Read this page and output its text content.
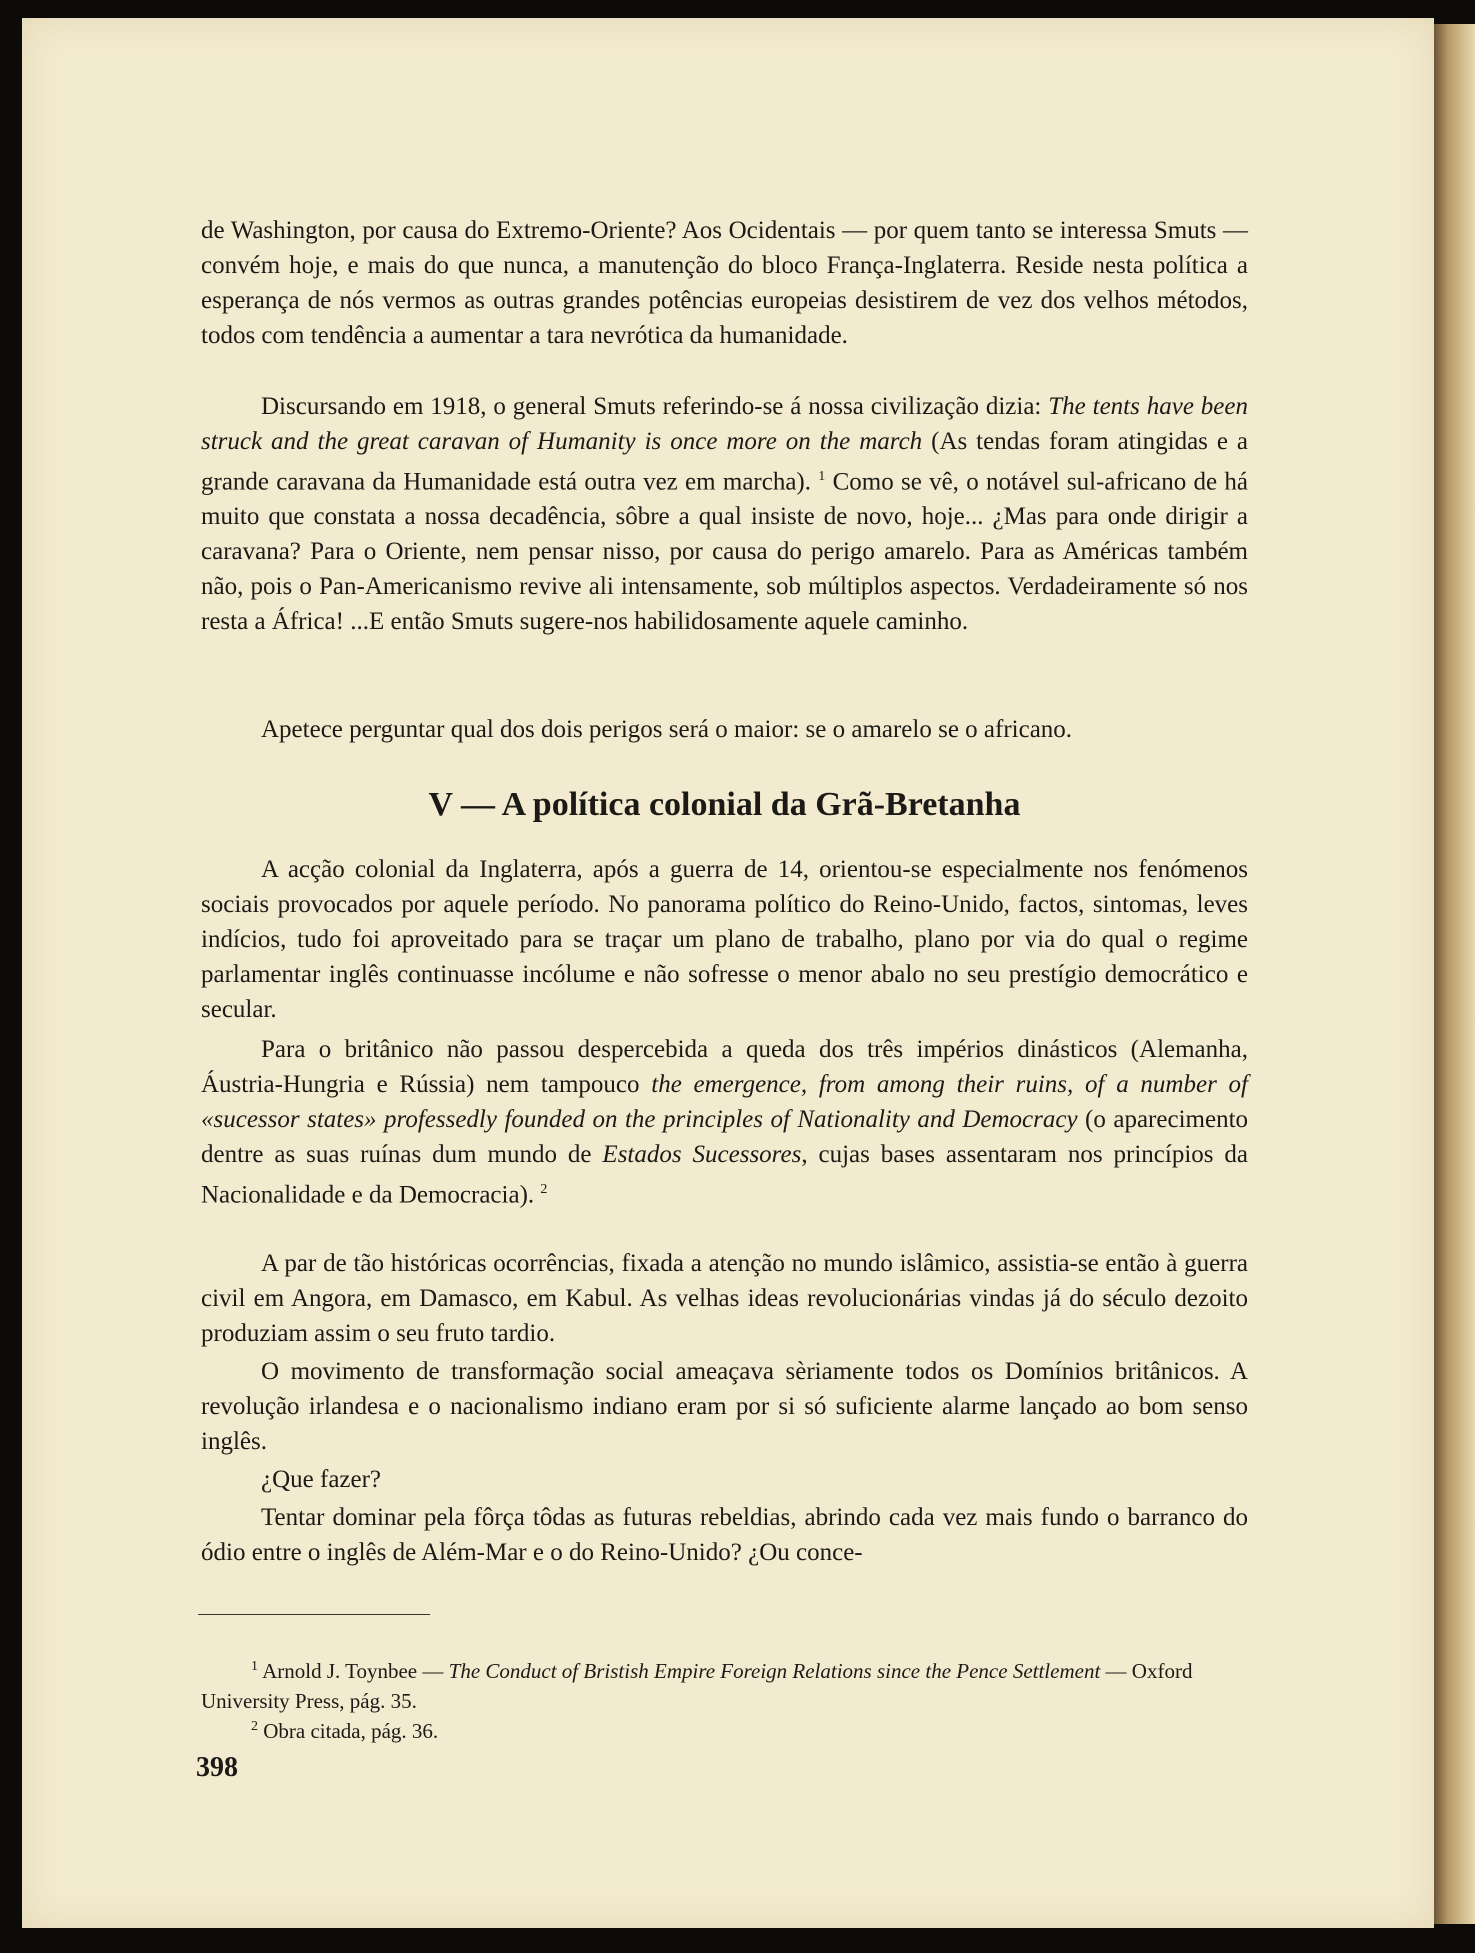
de Washington, por causa do Extremo-Oriente? Aos Ocidentais — por quem tanto se interessa Smuts — convém hoje, e mais do que nunca, a manutenção do bloco França-Inglaterra. Reside nesta política a esperança de nós vermos as outras grandes potências europeias desistirem de vez dos velhos métodos, todos com tendência a aumentar a tara nevrótica da humanidade.

Discursando em 1918, o general Smuts referindo-se á nossa civilização dizia: The tents have been struck and the great caravan of Humanity is once more on the march (As tendas foram atingidas e a grande caravana da Humanidade está outra vez em marcha). $^1$ Como se vê, o notável sul-africano de há muito que constata a nossa decadência, sôbre a qual insiste de novo, hoje... ¿Mas para onde dirigir a caravana? Para o Oriente, nem pensar nisso, por causa do perigo amarelo. Para as Américas também não, pois o Pan-Americanismo revive ali intensamente, sob múltiplos aspectos. Verdadeiramente só nos resta a África! ...E então Smuts sugere-nos habilidosamente aquele caminho.

Apetece perguntar qual dos dois perigos será o maior: se o amarelo se o africano.

V — A política colonial da Grã-Bretanha

A acção colonial da Inglaterra, após a guerra de 14, orientou-se especialmente nos fenómenos sociais provocados por aquele período. No panorama político do Reino-Unido, factos, sintomas, leves indícios, tudo foi aproveitado para se traçar um plano de trabalho, plano por via do qual o regime parlamentar inglês continuasse incólume e não sofresse o menor abalo no seu prestígio democrático e secular.

Para o britânico não passou despercebida a queda dos três impérios dinásticos (Alemanha, Áustria-Hungria e Rússia) nem tampouco the emergence, from among their ruins, of a number of «sucessor states» professedly founded on the principles of Nationality and Democracy (o aparecimento dentre as suas ruínas dum mundo de Estados Sucessores, cujas bases assentaram nos princípios da Nacionalidade e da Democracia). $^2$

A par de tão históricas ocorrências, fixada a atenção no mundo islâmico, assistia-se então à guerra civil em Angora, em Damasco, em Kabul. As velhas ideas revolucionárias vindas já do século dezoito produziam assim o seu fruto tardio.

O movimento de transformação social ameaçava sèriamente todos os Domínios britânicos. A revolução irlandesa e o nacionalismo indiano eram por si só suficiente alarme lançado ao bom senso inglês.

¿Que fazer?

Tentar dominar pela fôrça tôdas as futuras rebeldias, abrindo cada vez mais fundo o barranco do ódio entre o inglês de Além-Mar e o do Reino-Unido? ¿Ou conce-

$^1$ Arnold J. Toynbee — The Conduct of Bristish Empire Foreign Relations since the Pence Settlement — Oxford University Press, pág. 35.

$^2$ Obra citada, pág. 36.

398
